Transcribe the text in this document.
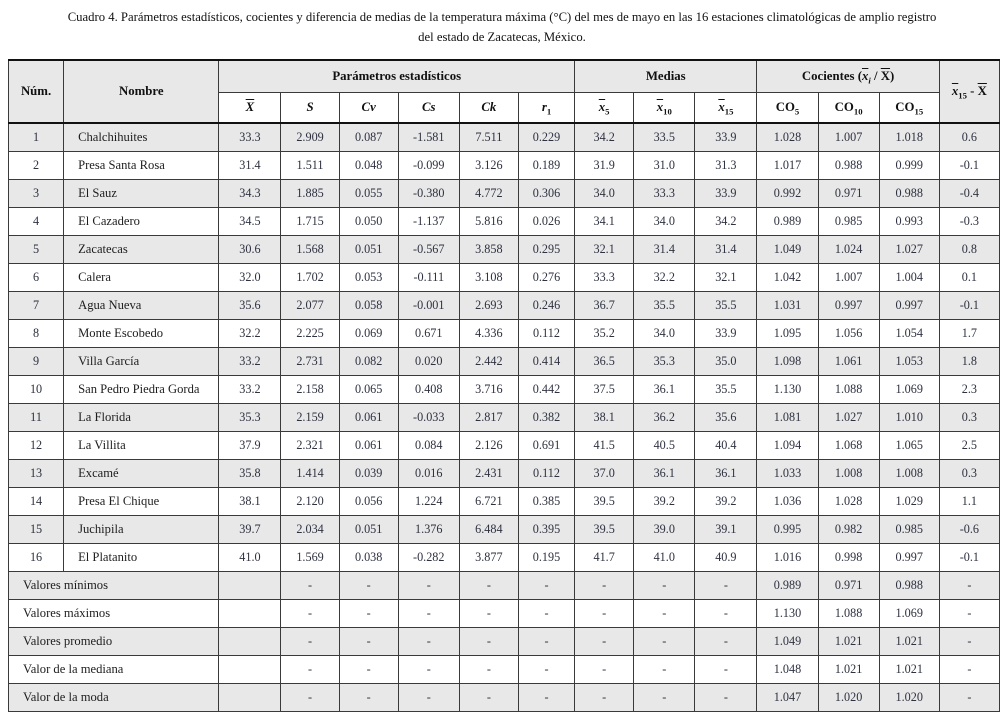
Cuadro 4. Parámetros estadísticos, cocientes y diferencia de medias de la temperatura máxima (°C) del mes de mayo en las 16 estaciones climatológicas de amplio registro
del estado de Zacatecas, México.
Núm.	Nombre	Parámetros estadísticos						Medias			Cocientes $(\overline{x}_i / \overline{X})$			$\overline{x}_{15} - \overline{X}$
		$\overline{X}$	S	Cv	Cs	Ck	$r_1$	$\overline{x}_5$	$\overline{x}_{10}$	$\overline{x}_{15}$	$CO_5$	$CO_{10}$	$CO_{15}$
1	Chalchihuites	33.3	2.909	0.087	-1.581	7.511	0.229	34.2	33.5	33.9	1.028	1.007	1.018	0.6
2	Presa Santa Rosa	31.4	1.511	0.048	-0.099	3.126	0.189	31.9	31.0	31.3	1.017	0.988	0.999	-0.1
3	El Sauz	34.3	1.885	0.055	-0.380	4.772	0.306	34.0	33.3	33.9	0.992	0.971	0.988	-0.4
4	El Cazadero	34.5	1.715	0.050	-1.137	5.816	0.026	34.1	34.0	34.2	0.989	0.985	0.993	-0.3
5	Zacatecas	30.6	1.568	0.051	-0.567	3.858	0.295	32.1	31.4	31.4	1.049	1.024	1.027	0.8
6	Calera	32.0	1.702	0.053	-0.111	3.108	0.276	33.3	32.2	32.1	1.042	1.007	1.004	0.1
7	Agua Nueva	35.6	2.077	0.058	-0.001	2.693	0.246	36.7	35.5	35.5	1.031	0.997	0.997	-0.1
8	Monte Escobedo	32.2	2.225	0.069	0.671	4.336	0.112	35.2	34.0	33.9	1.095	1.056	1.054	1.7
9	Villa García	33.2	2.731	0.082	0.020	2.442	0.414	36.5	35.3	35.0	1.098	1.061	1.053	1.8
10	San Pedro Piedra Gorda	33.2	2.158	0.065	0.408	3.716	0.442	37.5	36.1	35.5	1.130	1.088	1.069	2.3
11	La Florida	35.3	2.159	0.061	-0.033	2.817	0.382	38.1	36.2	35.6	1.081	1.027	1.010	0.3
12	La Villita	37.9	2.321	0.061	0.084	2.126	0.691	41.5	40.5	40.4	1.094	1.068	1.065	2.5
13	Excamé	35.8	1.414	0.039	0.016	2.431	0.112	37.0	36.1	36.1	1.033	1.008	1.008	0.3
14	Presa El Chique	38.1	2.120	0.056	1.224	6.721	0.385	39.5	39.2	39.2	1.036	1.028	1.029	1.1
15	Juchipila	39.7	2.034	0.051	1.376	6.484	0.395	39.5	39.0	39.1	0.995	0.982	0.985	-0.6
16	El Platanito	41.0	1.569	0.038	-0.282	3.877	0.195	41.7	41.0	40.9	1.016	0.998	0.997	-0.1
Valores mínimos			-	-	-	-	-	-	-	-	0.989	0.971	0.988	-
Valores máximos			-	-	-	-	-	-	-	-	1.130	1.088	1.069	-
Valores promedio			-	-	-	-	-	-	-	-	1.049	1.021	1.021	-
Valor de la mediana			-	-	-	-	-	-	-	-	1.048	1.021	1.021	-
Valor de la moda			-	-	-	-	-	-	-	-	1.047	1.020	1.020	-
